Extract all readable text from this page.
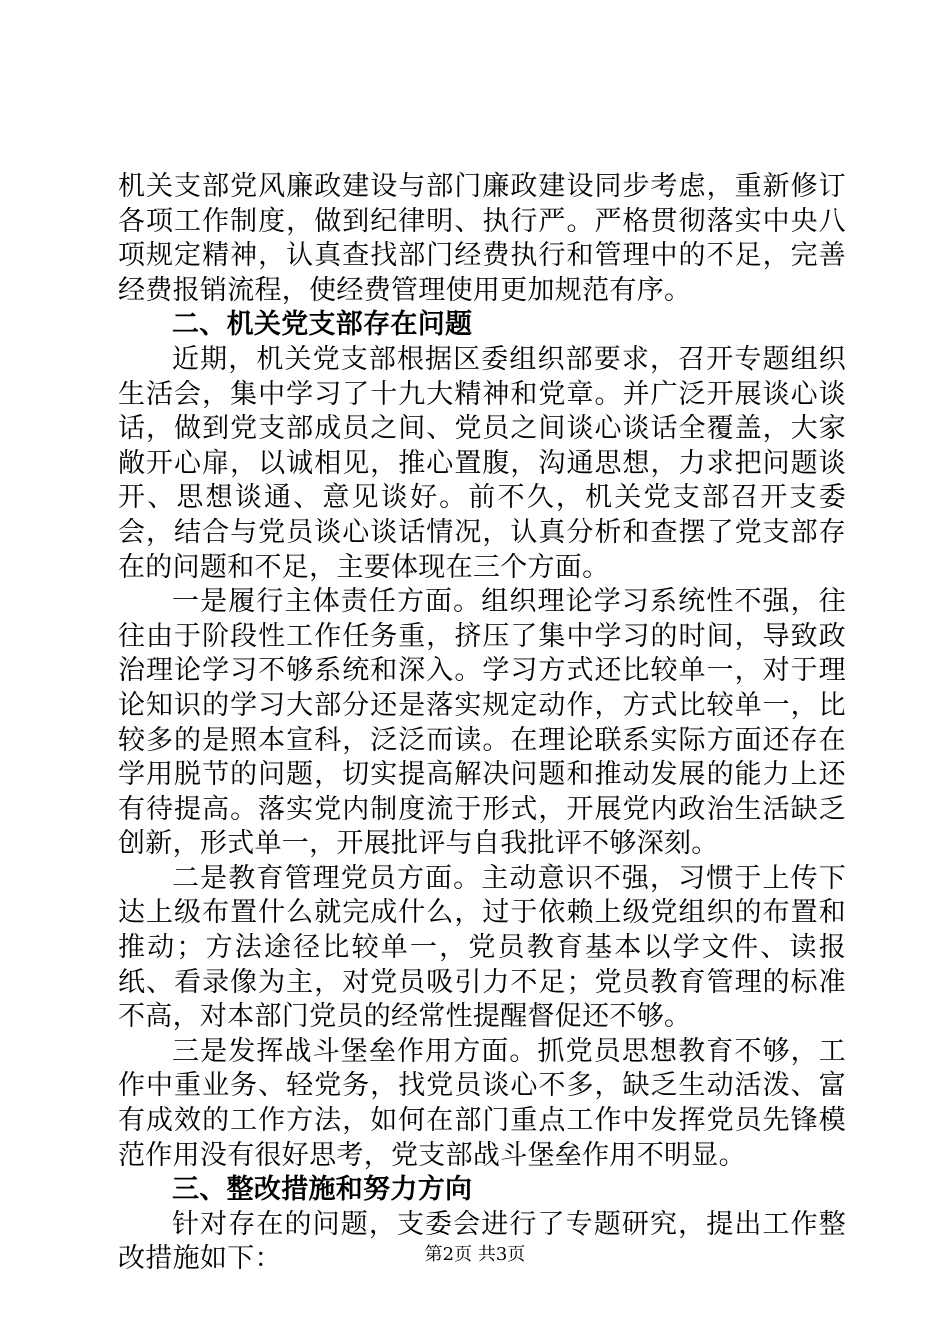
机关支部党风廉政建设与部门廉政建设同步考虑，重新修订各项工作制度，做到纪律明、执行严。严格贯彻落实中央八项规定精神，认真查找部门经费执行和管理中的不足，完善经费报销流程，使经费管理使用更加规范有序。

二、机关党支部存在问题

近期，机关党支部根据区委组织部要求，召开专题组织生活会，集中学习了十九大精神和党章。并广泛开展谈心谈话，做到党支部成员之间、党员之间谈心谈话全覆盖，大家敞开心扉，以诚相见，推心置腹，沟通思想，力求把问题谈开、思想谈通、意见谈好。前不久，机关党支部召开支委会，结合与党员谈心谈话情况，认真分析和查摆了党支部存在的问题和不足，主要体现在三个方面。

一是履行主体责任方面。组织理论学习系统性不强，往往由于阶段性工作任务重，挤压了集中学习的时间，导致政治理论学习不够系统和深入。学习方式还比较单一，对于理论知识的学习大部分还是落实规定动作，方式比较单一，比较多的是照本宣科，泛泛而读。在理论联系实际方面还存在学用脱节的问题，切实提高解决问题和推动发展的能力上还有待提高。落实党内制度流于形式，开展党内政治生活缺乏创新，形式单一，开展批评与自我批评不够深刻。

二是教育管理党员方面。主动意识不强，习惯于上传下达上级布置什么就完成什么，过于依赖上级党组织的布置和推动；方法途径比较单一，党员教育基本以学文件、读报纸、看录像为主，对党员吸引力不足；党员教育管理的标准不高，对本部门党员的经常性提醒督促还不够。

三是发挥战斗堡垒作用方面。抓党员思想教育不够，工作中重业务、轻党务，找党员谈心不多，缺乏生动活泼、富有成效的工作方法，如何在部门重点工作中发挥党员先锋模范作用没有很好思考，党支部战斗堡垒作用不明显。

三、整改措施和努力方向

针对存在的问题，支委会进行了专题研究，提出工作整改措施如下：	第2页 共3页
